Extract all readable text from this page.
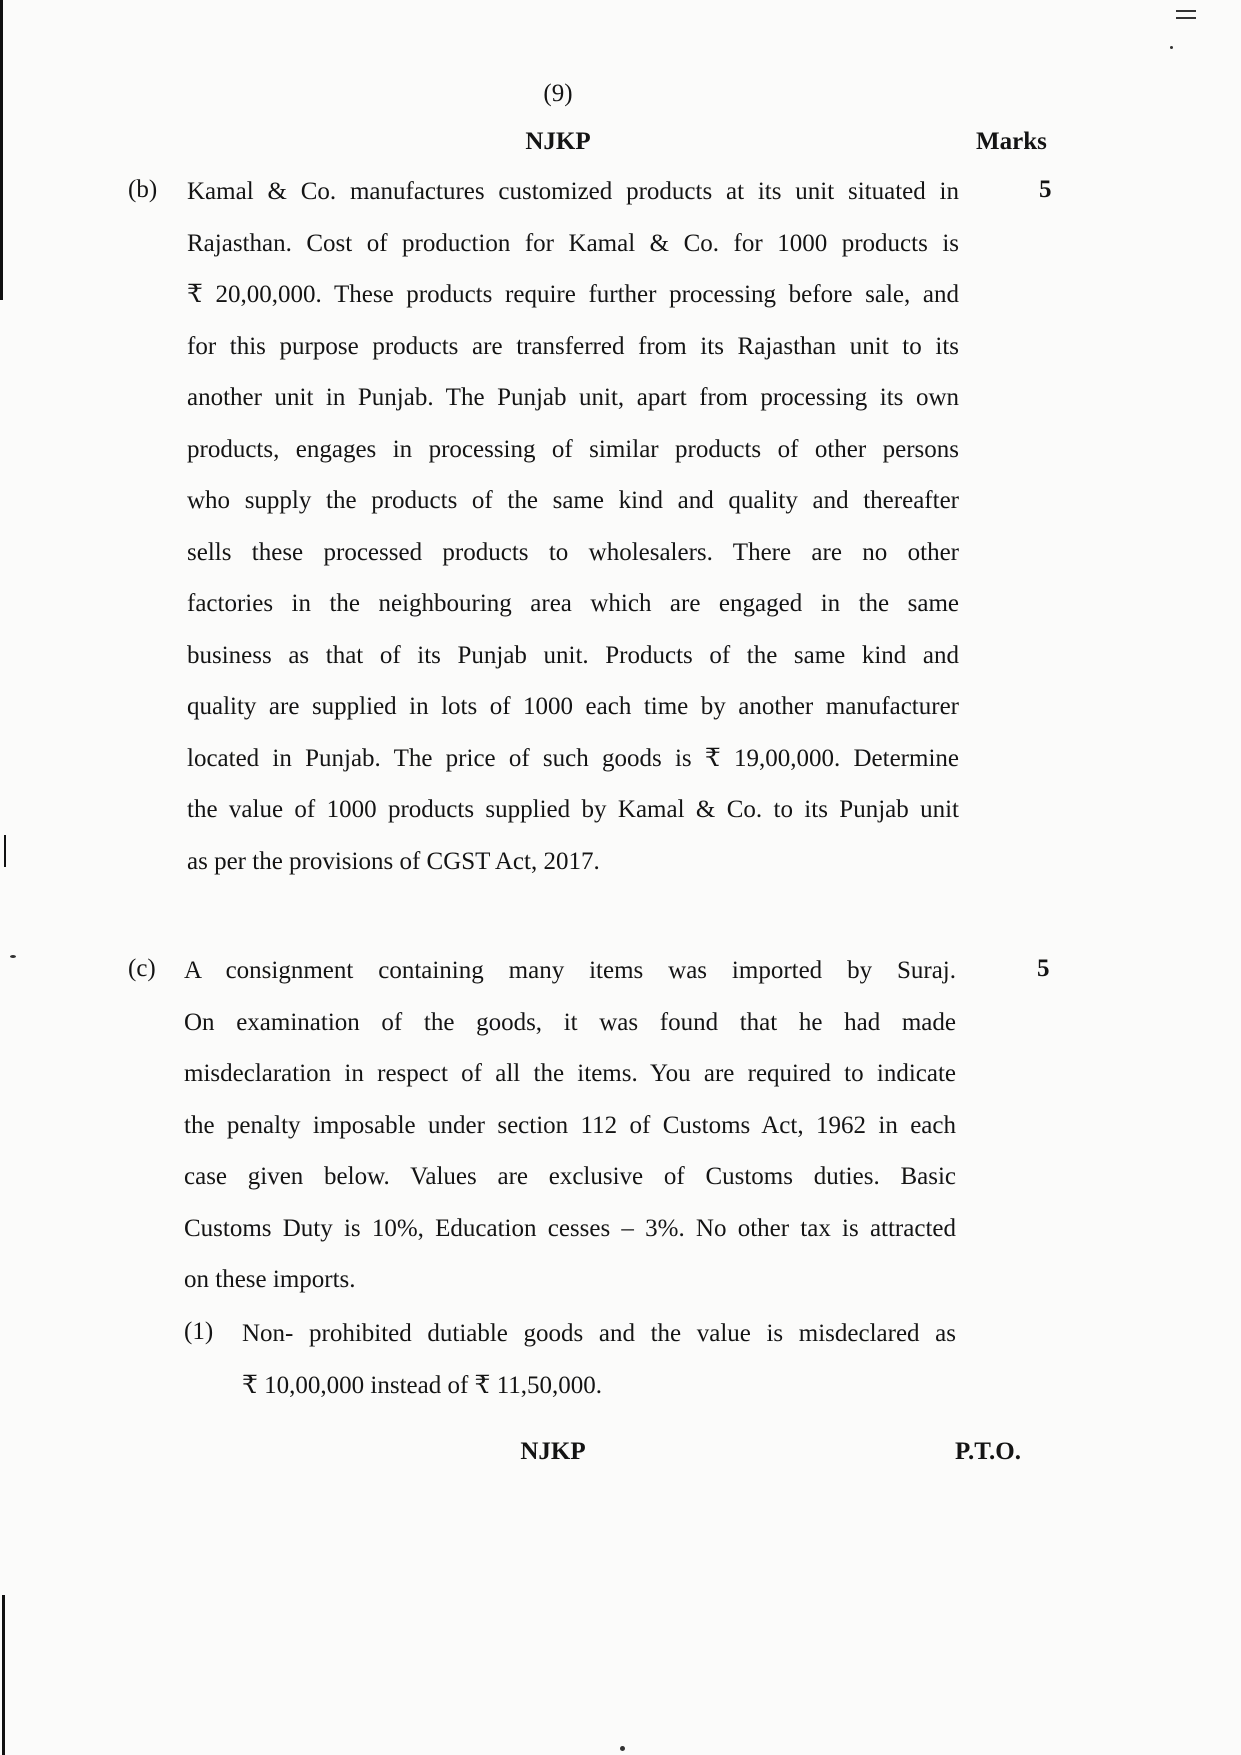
(9)
NJKP	Marks
(b)	5
Kamal & Co. manufactures customized products at its unit situated in
Rajasthan. Cost of production for Kamal & Co. for 1000 products is
₹ 20,00,000. These products require further processing before sale, and
for this purpose products are transferred from its Rajasthan unit to its
another unit in Punjab. The Punjab unit, apart from processing its own
products, engages in processing of similar products of other persons
who supply the products of the same kind and quality and thereafter
sells these processed products to wholesalers. There are no other
factories in the neighbouring area which are engaged in the same
business as that of its Punjab unit. Products of the same kind and
quality are supplied in lots of 1000 each time by another manufacturer
located in Punjab. The price of such goods is ₹ 19,00,000. Determine
the value of 1000 products supplied by Kamal & Co. to its Punjab unit
as per the provisions of CGST Act, 2017.
(c)	5
A consignment containing many items was imported by Suraj.
On examination of the goods, it was found that he had made
misdeclaration in respect of all the items. You are required to indicate
the penalty imposable under section 112 of Customs Act, 1962 in each
case given below. Values are exclusive of Customs duties. Basic
Customs Duty is 10%, Education cesses – 3%. No other tax is attracted
on these imports.
(1) Non- prohibited dutiable goods and the value is misdeclared as
₹ 10,00,000 instead of ₹ 11,50,000.
NJKP	P.T.O.
